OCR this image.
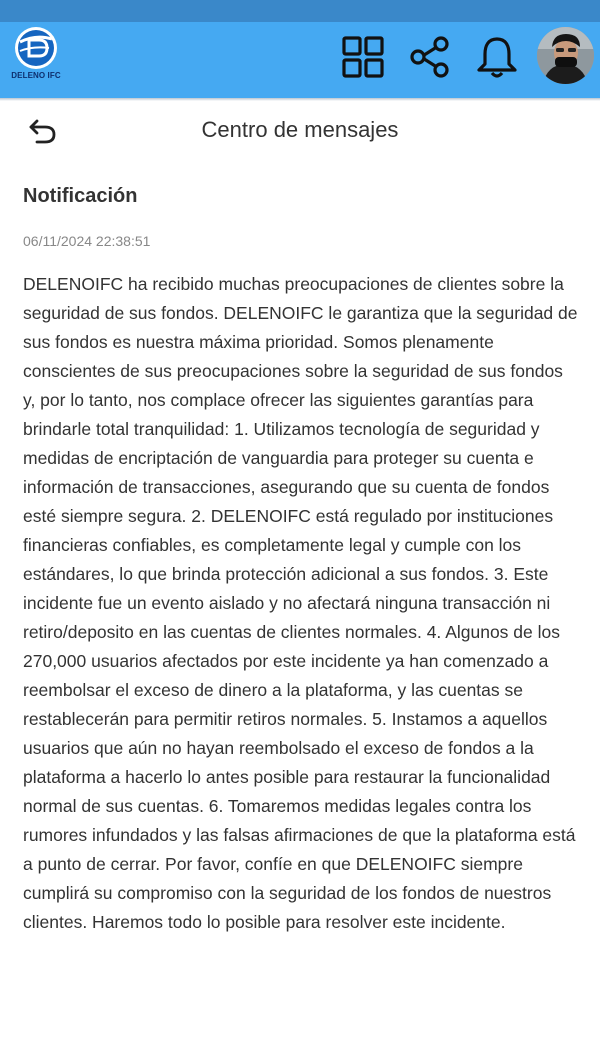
DELENO IFC
Centro de mensajes
Notificación
06/11/2024 22:38:51
DELENOIFC ha recibido muchas preocupaciones de clientes sobre la seguridad de sus fondos. DELENOIFC le garantiza que la seguridad de sus fondos es nuestra máxima prioridad. Somos plenamente conscientes de sus preocupaciones sobre la seguridad de sus fondos y, por lo tanto, nos complace ofrecer las siguientes garantías para brindarle total tranquilidad: 1. Utilizamos tecnología de seguridad y medidas de encriptación de vanguardia para proteger su cuenta e información de transacciones, asegurando que su cuenta de fondos esté siempre segura. 2. DELENOIFC está regulado por instituciones financieras confiables, es completamente legal y cumple con los estándares, lo que brinda protección adicional a sus fondos. 3. Este incidente fue un evento aislado y no afectará ninguna transacción ni retiro/deposito en las cuentas de clientes normales. 4. Algunos de los 270,000 usuarios afectados por este incidente ya han comenzado a reembolsar el exceso de dinero a la plataforma, y las cuentas se restablecerán para permitir retiros normales. 5. Instamos a aquellos usuarios que aún no hayan reembolsado el exceso de fondos a la plataforma a hacerlo lo antes posible para restaurar la funcionalidad normal de sus cuentas. 6. Tomaremos medidas legales contra los rumores infundados y las falsas afirmaciones de que la plataforma está a punto de cerrar. Por favor, confíe en que DELENOIFC siempre cumplirá su compromiso con la seguridad de los fondos de nuestros clientes. Haremos todo lo posible para resolver este incidente.
